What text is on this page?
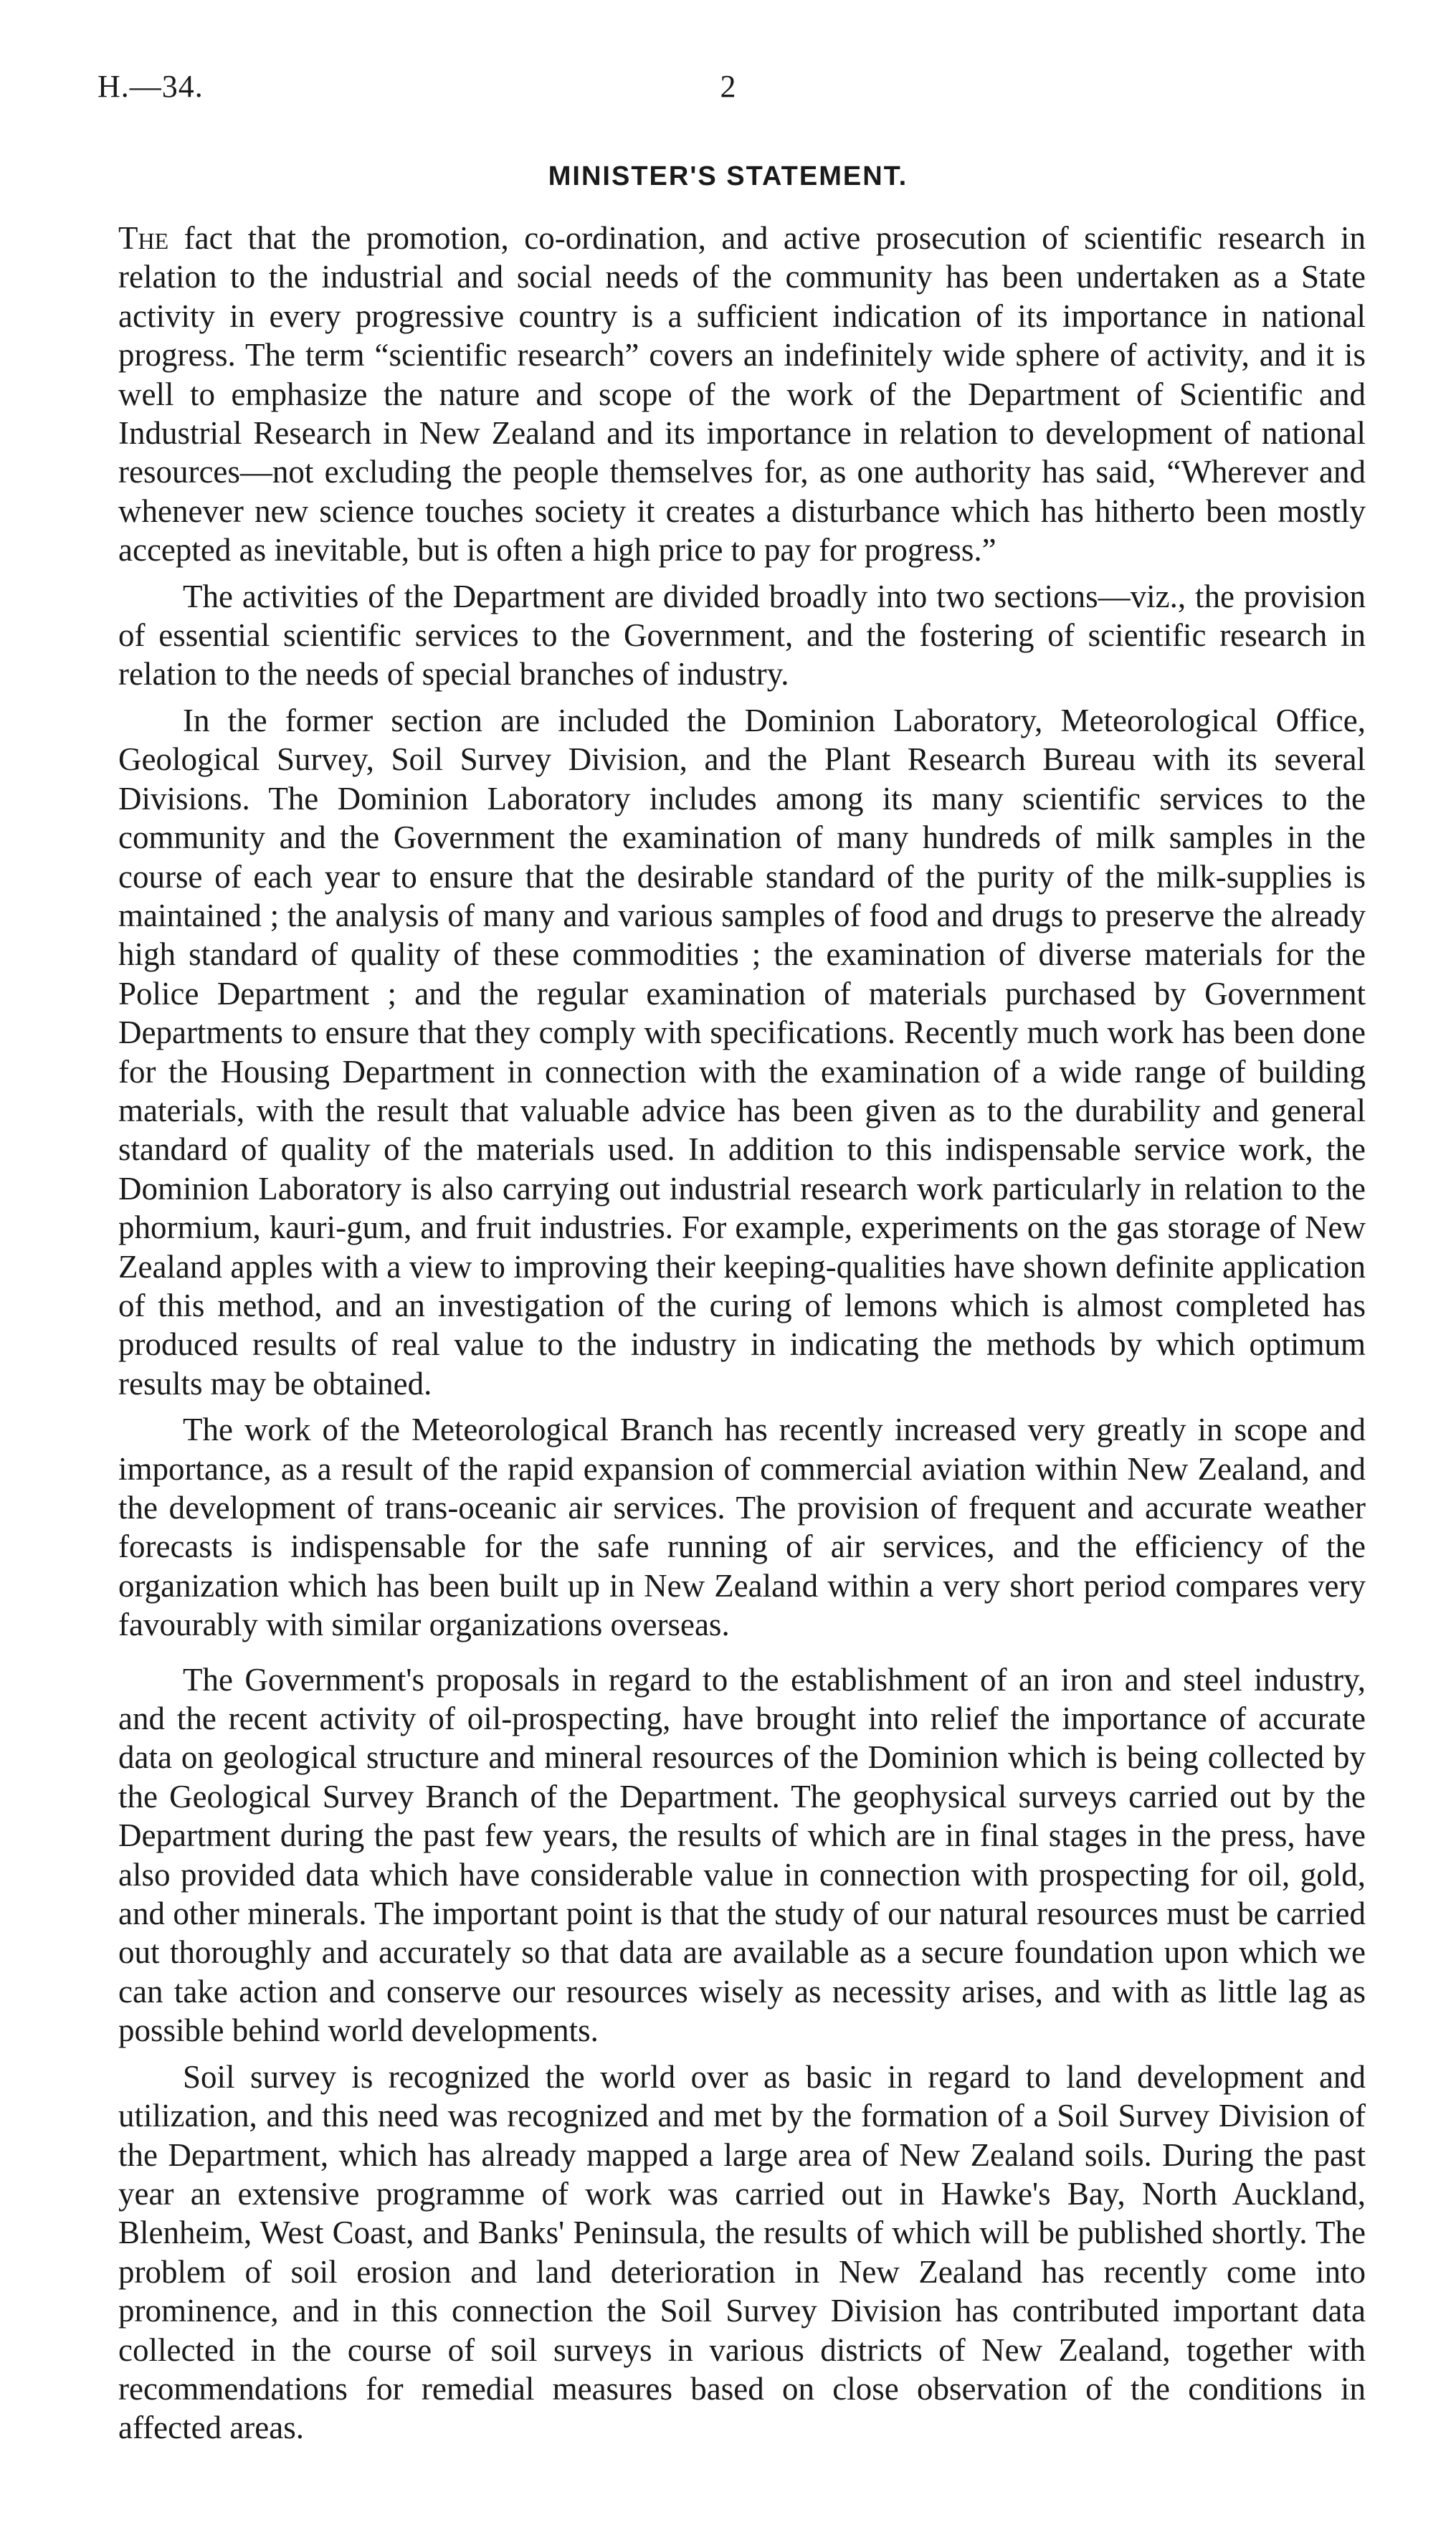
H.—34.	2
MINISTER'S STATEMENT.

The fact that the promotion, co-ordination, and active prosecution of scientific research in relation to the industrial and social needs of the community has been undertaken as a State activity in every progressive country is a sufficient indication of its importance in national progress. The term “scientific research” covers an indefinitely wide sphere of activity, and it is well to emphasize the nature and scope of the work of the Department of Scientific and Industrial Research in New Zealand and its importance in relation to development of national resources—not excluding the people themselves for, as one authority has said, “Wherever and whenever new science touches society it creates a disturbance which has hitherto been mostly accepted as inevitable, but is often a high price to pay for progress.”

The activities of the Department are divided broadly into two sections—viz., the provision of essential scientific services to the Government, and the fostering of scientific research in relation to the needs of special branches of industry.

In the former section are included the Dominion Laboratory, Meteorological Office, Geological Survey, Soil Survey Division, and the Plant Research Bureau with its several Divisions. The Dominion Laboratory includes among its many scientific services to the community and the Government the examination of many hundreds of milk samples in the course of each year to ensure that the desirable standard of the purity of the milk-supplies is maintained ; the analysis of many and various samples of food and drugs to preserve the already high standard of quality of these commodities ; the examination of diverse materials for the Police Department ; and the regular examination of materials purchased by Government Departments to ensure that they comply with specifications. Recently much work has been done for the Housing Department in connection with the examination of a wide range of building materials, with the result that valuable advice has been given as to the durability and general standard of quality of the materials used. In addition to this indispensable service work, the Dominion Laboratory is also carrying out industrial research work particularly in relation to the phormium, kauri-gum, and fruit industries. For example, experiments on the gas storage of New Zealand apples with a view to improving their keeping-qualities have shown definite application of this method, and an investigation of the curing of lemons which is almost completed has produced results of real value to the industry in indicating the methods by which optimum results may be obtained.

The work of the Meteorological Branch has recently increased very greatly in scope and importance, as a result of the rapid expansion of commercial aviation within New Zealand, and the development of trans-oceanic air services. The provision of frequent and accurate weather forecasts is indispensable for the safe running of air services, and the efficiency of the organization which has been built up in New Zealand within a very short period compares very favourably with similar organizations overseas.

The Government's proposals in regard to the establishment of an iron and steel industry, and the recent activity of oil-prospecting, have brought into relief the importance of accurate data on geological structure and mineral resources of the Dominion which is being collected by the Geological Survey Branch of the Department. The geophysical surveys carried out by the Department during the past few years, the results of which are in final stages in the press, have also provided data which have considerable value in connection with prospecting for oil, gold, and other minerals. The important point is that the study of our natural resources must be carried out thoroughly and accurately so that data are available as a secure foundation upon which we can take action and conserve our resources wisely as necessity arises, and with as little lag as possible behind world developments.

Soil survey is recognized the world over as basic in regard to land development and utilization, and this need was recognized and met by the formation of a Soil Survey Division of the Department, which has already mapped a large area of New Zealand soils. During the past year an extensive programme of work was carried out in Hawke's Bay, North Auckland, Blenheim, West Coast, and Banks' Peninsula, the results of which will be published shortly. The problem of soil erosion and land deterioration in New Zealand has recently come into prominence, and in this connection the Soil Survey Division has contributed important data collected in the course of soil surveys in various districts of New Zealand, together with recommendations for remedial measures based on close observation of the conditions in affected areas.
